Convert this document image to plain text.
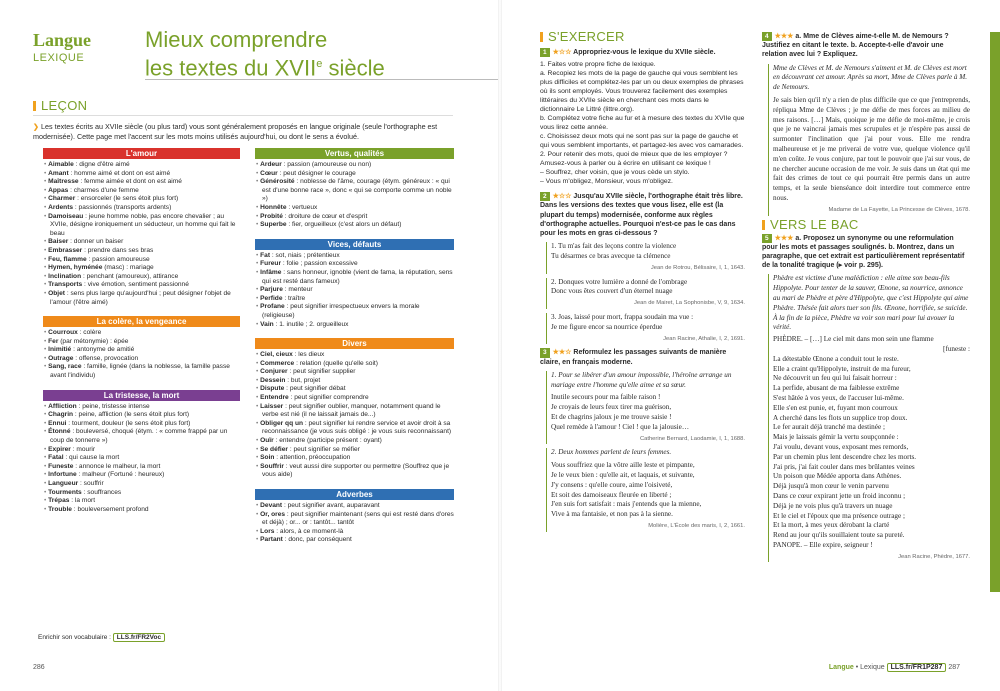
Langue
LEXIQUE
Mieux comprendre
les textes du XVIIe siècle
LEÇON
❯ Les textes écrits au XVIIe siècle (ou plus tard) vous sont généralement proposés en langue originale (seule l'orthographe est modernisée). Cette page met l'accent sur les mots moins utilisés aujourd'hui, ou dont le sens a évolué.
L'amour
• Aimable : digne d'être aimé
• Amant : homme aimé et dont on est aimé
• Maîtresse : femme aimée et dont on est aimé
• Appas : charmes d'une femme
• Charmer : ensorceler (le sens étoit plus fort)
• Ardents : passionnés (transports ardents)
• Damoiseau : jeune homme noble, pas encore chevalier ; au XVIIe, désigne ironiquement un séducteur, un homme qui fait le beau
• Baiser : donner un baiser
• Embrasser : prendre dans ses bras
• Feu, flamme : passion amoureuse
• Hymen, hyménée (masc) : mariage
• Inclination : penchant (amoureux), attirance
• Transports : vive émotion, sentiment passionné
• Objet : sens plus large qu'aujourd'hui ; peut désigner l'objet de l'amour (l'être aimé)
La colère, la vengeance
• Courroux : colère
• Fer (par métonymie) : épée
• Inimitié : antonyme de amitié
• Outrage : offense, provocation
• Sang, race : famille, lignée (dans la noblesse, la famille passe avant l'individu)
La tristesse, la mort
• Affliction : peine, tristesse intense
• Chagrin : peine, affliction (le sens étoit plus fort)
• Ennui : tourment, douleur (le sens étoit plus fort)
• Étonné : bouleversé, choqué (étym. : « comme frappé par un coup de tonnerre »)
• Expirer : mourir
• Fatal : qui cause la mort
• Funeste : annonce le malheur, la mort
• Infortune : malheur (Fortuné : heureux)
• Langueur : souffrir
• Tourments : souffrances
• Trépas : la mort
• Trouble : bouleversement profond
Vertus, qualités
• Ardeur : passion (amoureuse ou non)
• Cœur : peut désigner le courage
• Générosité : noblesse de l'âme, courage (étym. généreux : « qui est d'une bonne race », donc « qui se comporte comme un noble »)
• Honnête : vertueux
• Probité : droiture de cœur et d'esprit
• Superbe : fier, orgueilleux (c'est alors un défaut)
Vices, défauts
• Fat : sot, niais ; prétentieux
• Fureur : folie ; passion excessive
• Infâme : sans honneur, ignoble (vient de fama, la réputation, sens qui est resté dans fameux)
• Parjure : menteur
• Perfide : traître
• Profane : peut signifier irrespectueux envers la morale (religieuse)
• Vain : 1. inutile ; 2. orgueilleux
Divers
• Ciel, cieux : les dieux
• Commerce : relation (quelle qu'elle soit)
• Conjurer : peut signifier supplier
• Dessein : but, projet
• Dispute : peut signifier débat
• Entendre : peut signifier comprendre
• Laisser : peut signifier oublier, manquer, notamment quand le verbe est nié (il ne laissait jamais de...)
• Obliger qq un : peut signifier lui rendre service et avoir droit à sa reconnaissance (je vous suis obligé : je vous suis reconnaissant)
• Ouïr : entendre (participe présent : oyant)
• Se défier : peut signifier se méfier
• Soin : attention, préoccupation
• Souffrir : veut aussi dire supporter ou permettre (Souffrez que je vous aide)
Adverbes
• Devant : peut signifier avant, auparavant
• Or, ores : peut signifier maintenant (sens qui est resté dans d'ores et déjà) ; or... or : tantôt... tantôt
• Lors : alors, à ce moment-là
• Partant : donc, par conséquent
Enrichir son vocabulaire : LLS.fr/FR2Voc
286
S'EXERCER
1 ★☆☆ Appropriez-vous le lexique du XVIIe siècle.
1. Faites votre propre fiche de lexique.
a. Recopiez les mots de la page de gauche qui vous semblent les plus difficiles et complétez-les par un ou deux exemples de phrases où ils sont employés. Vous trouverez facilement des exemples littéraires du XVIIe siècle en cherchant ces mots dans le dictionnaire Le Littré (littre.org).
b. Complétez votre fiche au fur et à mesure des textes du XVIIe que vous lirez cette année.
c. Choisissez deux mots qui ne sont pas sur la page de gauche et qui vous semblent importants, et partagez-les avec vos camarades.
2. Pour retenir des mots, quoi de mieux que de les employer ? Amusez-vous à parler ou à écrire en utilisant ce lexique !
– Souffrez, cher voisin, que je vous cède un stylo.
– Vous m'obligez, Monsieur, vous m'obligez.
2 ★☆☆ Jusqu'au XVIIe siècle, l'orthographe était très libre. Dans les versions des textes que vous lisez, elle est (la plupart du temps) modernisée, conforme aux règles d'orthographe actuelles. Pourquoi n'est-ce pas le cas dans pour les mots en gras ci-dessous ?
1. Tu m'as fait des leçons contre la violence
Tu désarmes ce bras avecque ta clémence
Jean de Rotrou, Bélisaire, I, 1, 1643.
2. Donques votre lumière a donné de l'ombrage
Donc vous êtes couvert d'un éternel nuage
Jean de Mairet, La Sophonisbe, V, 9, 1634.
3. Joas, laissé pour mort, frappa soudain ma vue :
Je me figure encor sa nourrice éperdue
Jean Racine, Athalie, I, 2, 1691.
3 ★★☆ Reformulez les passages suivants de manière claire, en français moderne.
1. Pour se libérer d'un amour impossible, l'héroïne arrange un mariage entre l'homme qu'elle aime et sa sœur.
Inutile secours pour ma faible raison !
Je croyais de leurs feux tirer ma guérison,
Et de chagrins jaloux je me trouve saisie !
Quel remède à l'amour ! Ciel ! que la jalousie…
Catherine Bernard, Laodamie, I, 1, 1688.
2. Deux hommes parlent de leurs femmes.
Vous souffriez que la vôtre aille leste et pimpante,
Je le veux bien : qu'elle ait, et laquais, et suivante,
J'y consens : qu'elle coure, aime l'oisiveté,
Et soit des damoiseaux fleurée en liberté ;
J'en suis fort satisfait : mais j'entends que la mienne,
Vive à ma fantaisie, et non pas à la sienne.
Molière, L'École des maris, I, 2, 1661.
4 ★★★ a. Mme de Clèves aime-t-elle M. de Nemours ? Justifiez en citant le texte. b. Accepte-t-elle d'avoir une relation avec lui ? Expliquez.
Mme de Clèves et M. de Nemours s'aiment et M. de Clèves est mort en découvrant cet amour. Après sa mort, Mme de Clèves parle à M. de Nemours.
Je sais bien qu'il n'y a rien de plus difficile que ce que j'entreprends, répliqua Mme de Clèves ; je me défie de mes forces au milieu de mes raisons. […] Mais, quoique je me défie de moi-même, je crois que je ne vaincrai jamais mes scrupules et je n'espère pas aussi de surmonter l'inclination que j'ai pour vous. Elle me rendra malheureuse et je me priverai de votre vue, quelque violence qu'il m'en coûte. Je vous conjure, par tout le pouvoir que j'ai sur vous, de ne chercher aucune occasion de me voir. Je suis dans un état qui me fait des crimes de tout ce qui pourrait être permis dans un autre temps, et la seule bienséance doit interdire tout commerce entre nous.
Madame de La Fayette, La Princesse de Clèves, 1678.
VERS LE BAC
5 ★★★ a. Proposez un synonyme ou une reformulation pour les mots et passages soulignés. b. Montrez, dans un paragraphe, que cet extrait est particulièrement représentatif de la tonalité tragique (▸ voir p. 295).
Phèdre est victime d'une malédiction : elle aime son beau-fils Hippolyte. Pour tenter de la sauver, Œnone, sa nourrice, annonce au mari de Phèdre et père d'Hippolyte, que c'est Hippolyte qui aime Phèdre. Thésée fait alors tuer son fils. Œnone, horrifiée, se suicide. À la fin de la pièce, Phèdre va voir son mari pour lui avouer la vérité.
PHÈDRE. – […] Le ciel mit dans mon sein une flamme
[funeste :
La détestable Œnone a conduit tout le reste.
Elle a craint qu'Hippolyte, instruit de ma fureur,
Ne découvrit un feu qui lui faisait horreur :
La perfide, abusant de ma faiblesse extrême
S'est hâtée à vos yeux, de l'accuser lui-même.
Elle s'en est punie, et, fuyant mon courroux
A cherché dans les flots un supplice trop doux.
Le fer aurait déjà tranché ma destinée ;
Mais je laissais gémir la vertu soupçonnée :
J'ai voulu, devant vous, exposant mes remords,
Par un chemin plus lent descendre chez les morts.
J'ai pris, j'ai fait couler dans mes brûlantes veines
Un poison que Médée apporta dans Athènes.
Déjà jusqu'à mon cœur le venin parvenu
Dans ce cœur expirant jette un froid inconnu ;
Déjà je ne vois plus qu'à travers un nuage
Et le ciel et l'époux que ma présence outrage ;
Et la mort, à mes yeux dérobant la clarté
Rend au jour qu'ils souillaient toute sa pureté.
PANOPE. – Elle expire, seigneur !
Jean Racine, Phèdre, 1677.
Langue • Lexique LLS.fr/FR1P287 287
